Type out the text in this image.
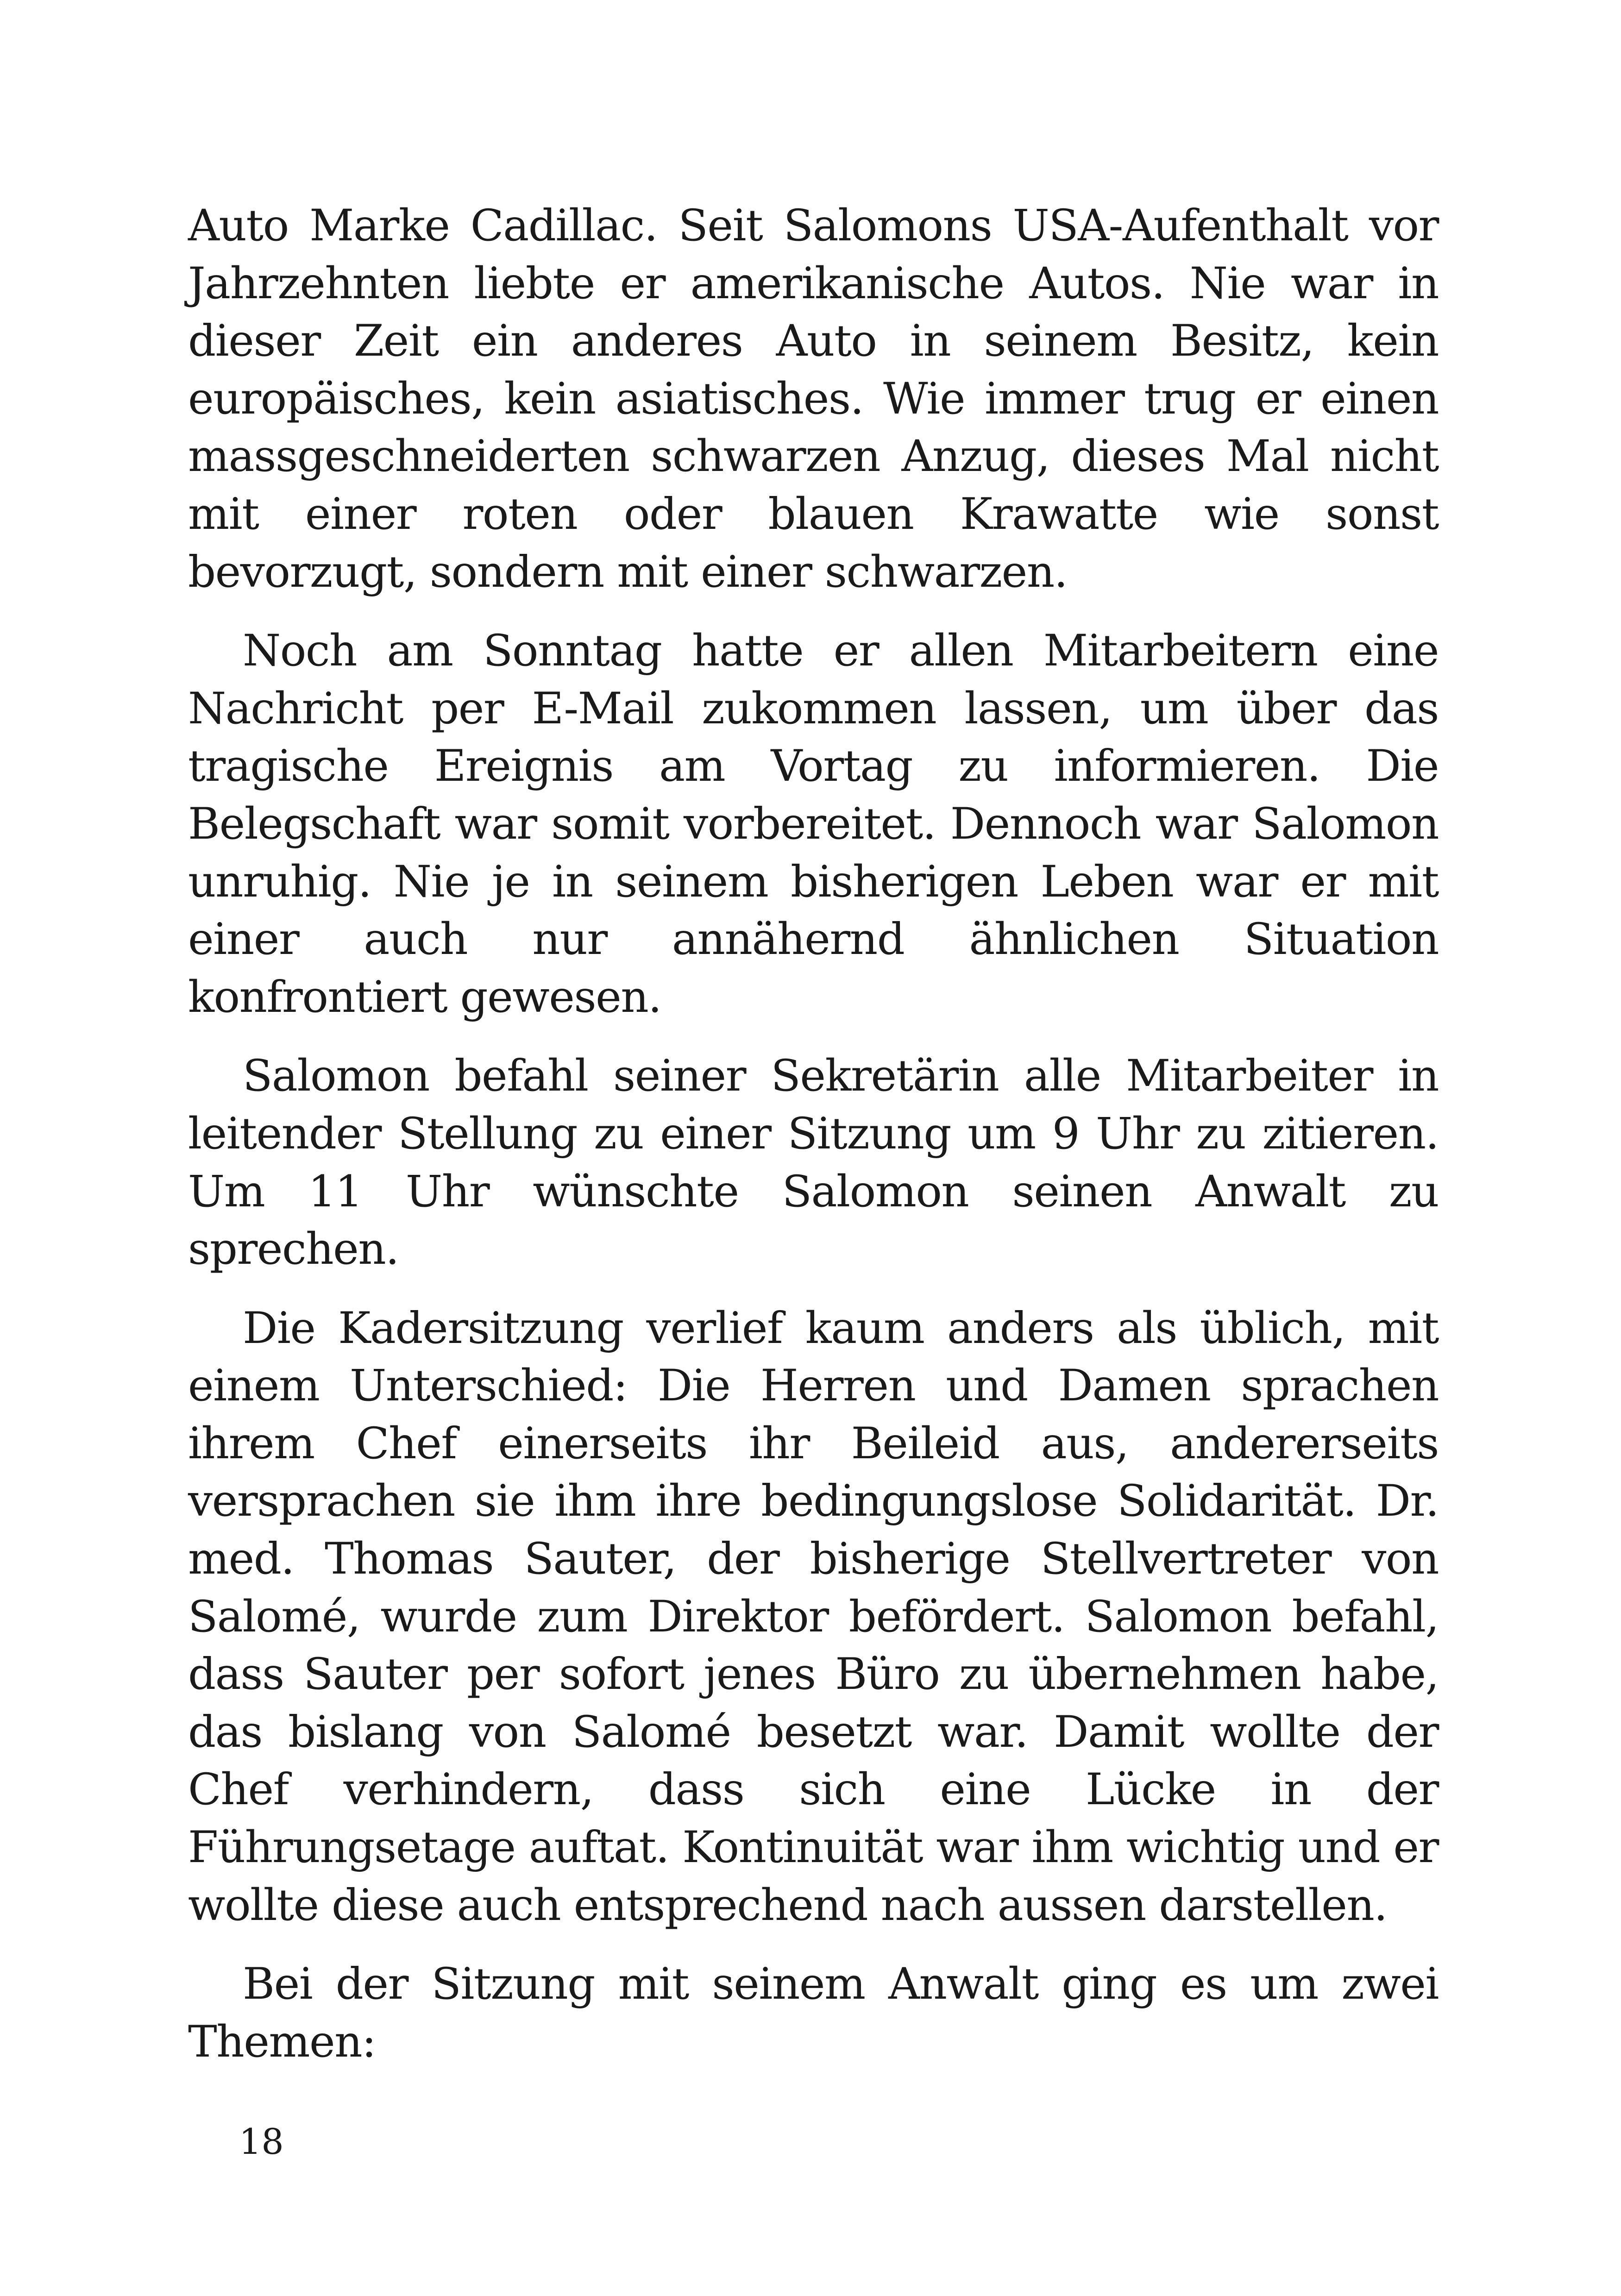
Auto Marke Cadillac. Seit Salomons USA-Aufenthalt vor Jahrzehnten liebte er amerikanische Autos. Nie war in dieser Zeit ein anderes Auto in seinem Besitz, kein europäisches, kein asiatisches. Wie immer trug er einen massgeschneiderten schwarzen Anzug, dieses Mal nicht mit einer roten oder blauen Krawatte wie sonst bevorzugt, sondern mit einer schwarzen.

Noch am Sonntag hatte er allen Mitarbeitern eine Nachricht per E-Mail zukommen lassen, um über das tragische Ereignis am Vortag zu informieren. Die Belegschaft war somit vorbereitet. Dennoch war Salomon unruhig. Nie je in seinem bisherigen Leben war er mit einer auch nur annähernd ähnlichen Situation konfrontiert gewesen.

Salomon befahl seiner Sekretärin alle Mitarbeiter in leitender Stellung zu einer Sitzung um 9 Uhr zu zitieren. Um 11 Uhr wünschte Salomon seinen Anwalt zu sprechen.

Die Kadersitzung verlief kaum anders als üblich, mit einem Unterschied: Die Herren und Damen sprachen ihrem Chef einerseits ihr Beileid aus, andererseits versprachen sie ihm ihre bedingungslose Solidarität. Dr. med. Thomas Sauter, der bisherige Stellvertreter von Salomé, wurde zum Direktor befördert. Salomon befahl, dass Sauter per sofort jenes Büro zu übernehmen habe, das bislang von Salomé besetzt war. Damit wollte der Chef verhindern, dass sich eine Lücke in der Führungsetage auftat. Kontinuität war ihm wichtig und er wollte diese auch entsprechend nach aussen darstellen.

Bei der Sitzung mit seinem Anwalt ging es um zwei Themen:

18
